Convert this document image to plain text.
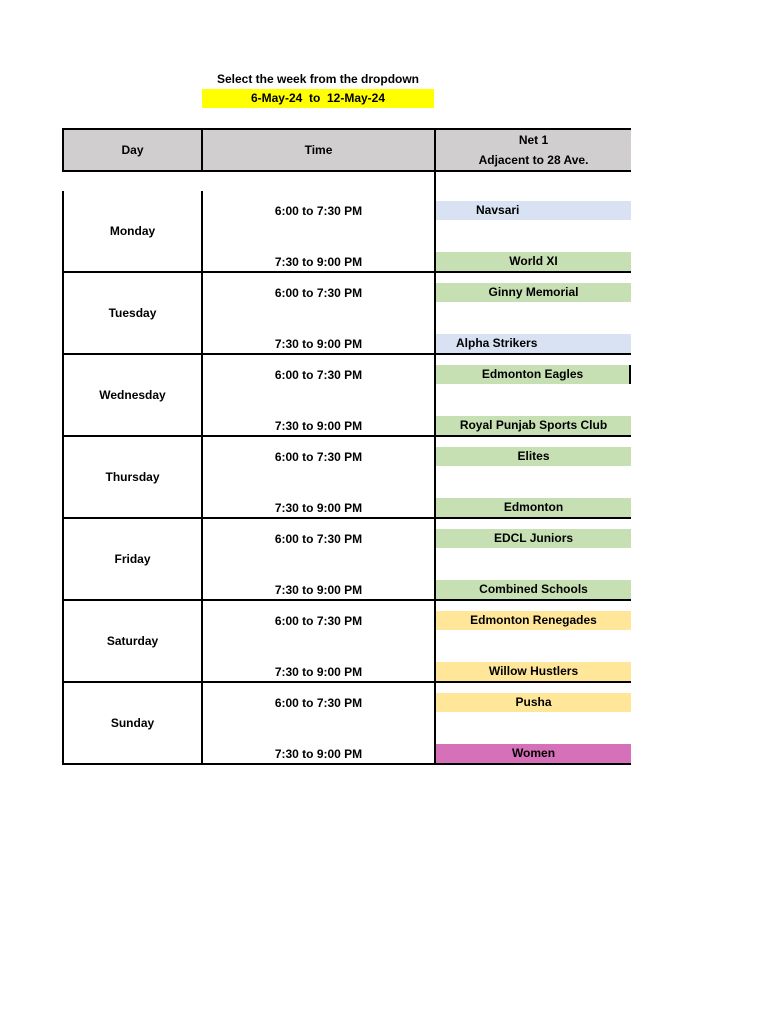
Select the week from the dropdown
6-May-24  to  12-May-24
Day	Time	Net 1
Adjacent to 28 Ave.

Monday	6:00 to 7:30 PM	Navsari

	7:30 to 9:00 PM	World XI

Tuesday	6:00 to 7:30 PM	Ginny Memorial

	7:30 to 9:00 PM	Alpha Strikers

Wednesday	6:00 to 7:30 PM	Edmonton Eagles

	7:30 to 9:00 PM	Royal Punjab Sports Club

Thursday	6:00 to 7:30 PM	Elites

	7:30 to 9:00 PM	Edmonton

Friday	6:00 to 7:30 PM	EDCL Juniors

	7:30 to 9:00 PM	Combined Schools

Saturday	6:00 to 7:30 PM	Edmonton Renegades

	7:30 to 9:00 PM	Willow Hustlers

Sunday	6:00 to 7:30 PM	Pusha

	7:30 to 9:00 PM	Women
